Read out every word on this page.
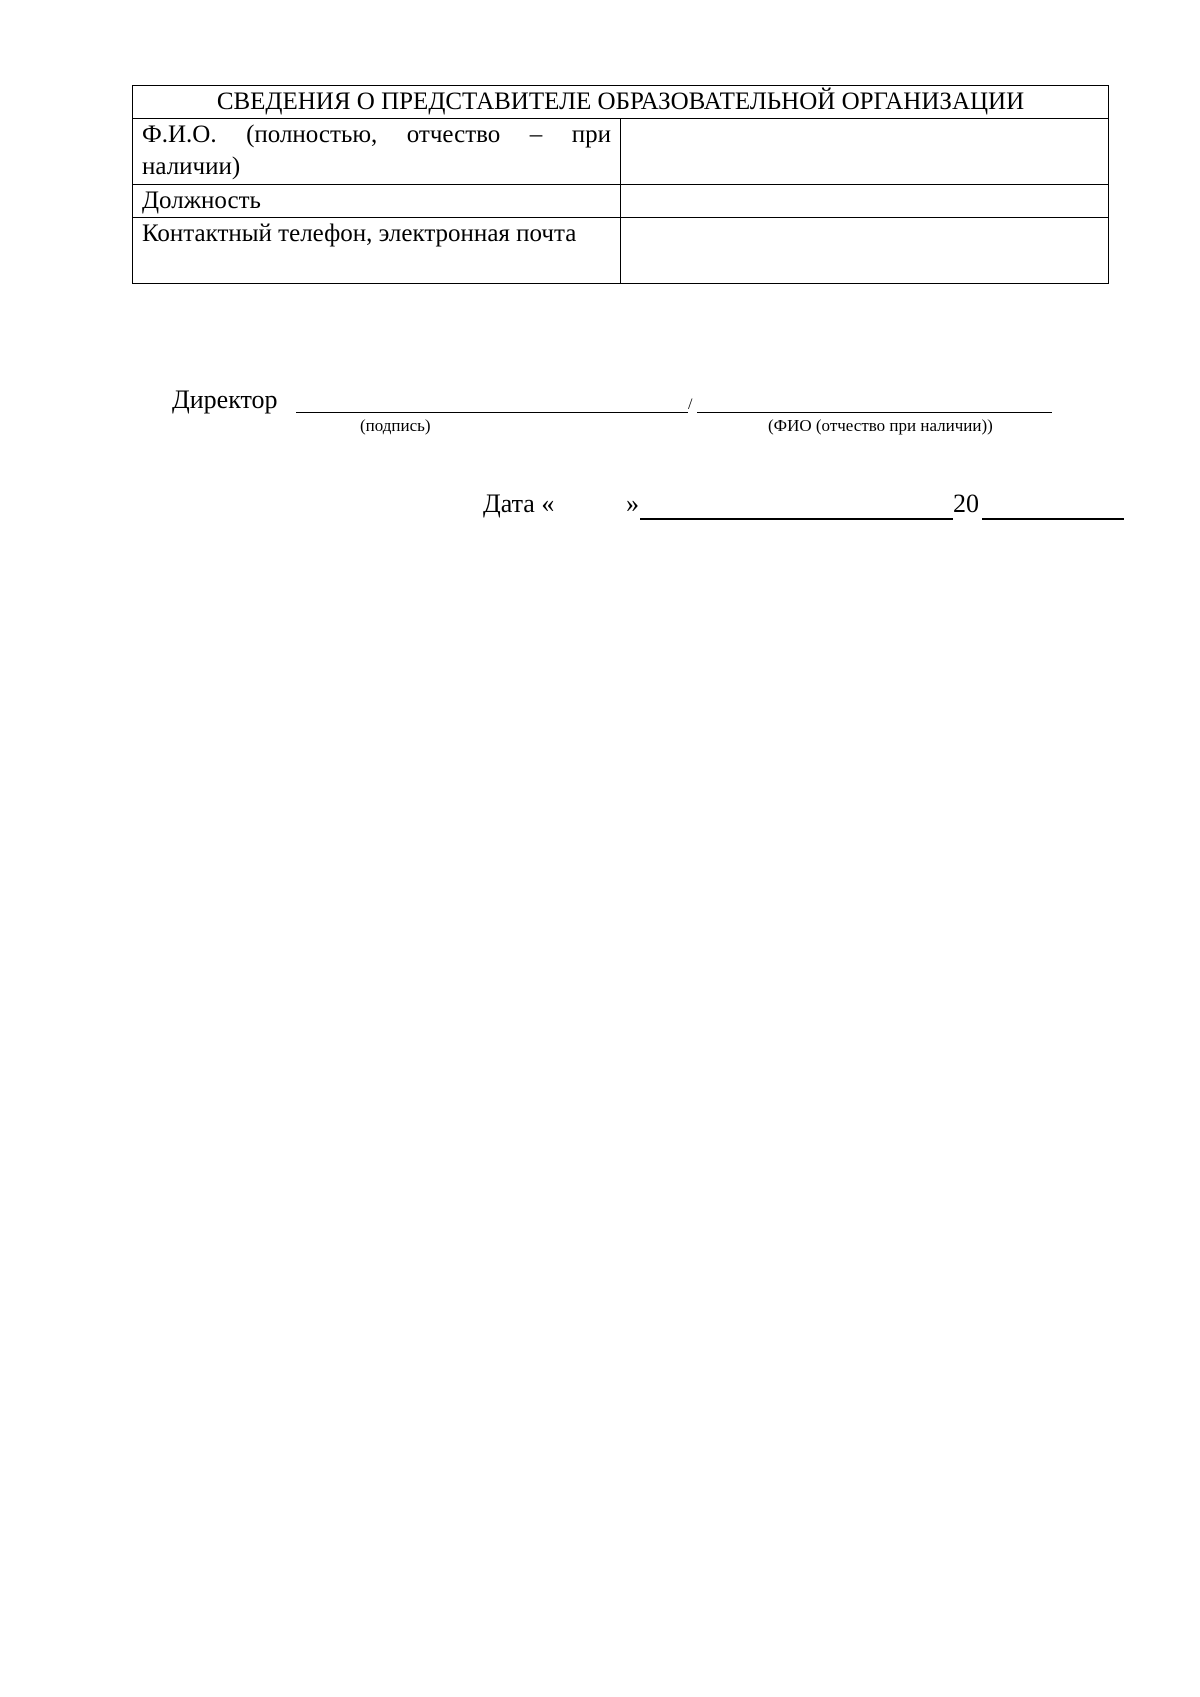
СВЕДЕНИЯ О ПРЕДСТАВИТЕЛЕ ОБРАЗОВАТЕЛЬНОЙ ОРГАНИЗАЦИИ	
Ф.И.О. (полностью, отчество – при наличии)	
Должность	
Контактный телефон, электронная почта	
Директор	/
(подпись)	(ФИО (отчество при наличии))
Дата «	»	20
